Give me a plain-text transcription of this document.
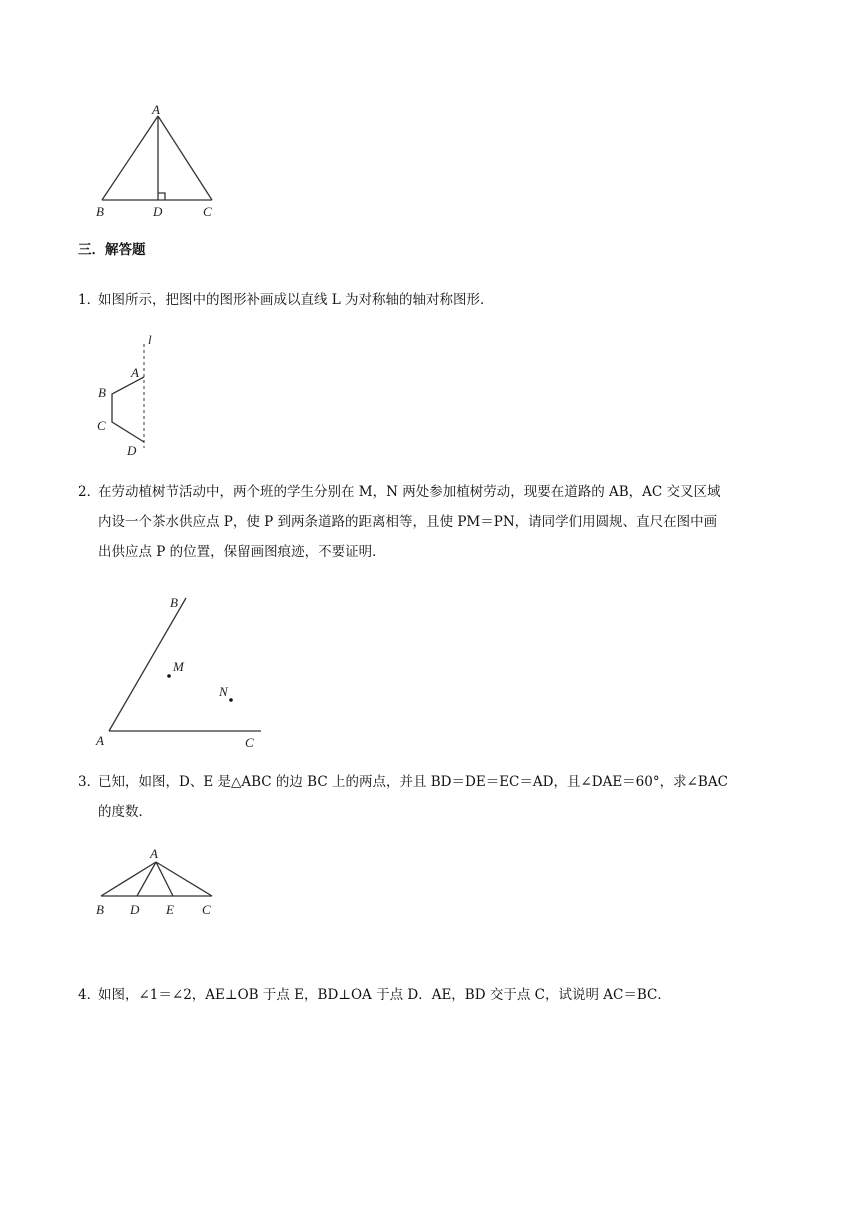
A
B	D	C
三．解答题
1．如图所示，把图中的图形补画成以直线 L 为对称轴的轴对称图形．
l
A
B
C
D
2．在劳动植树节活动中，两个班的学生分别在 M，N 两处参加植树劳动，现要在道路的 AB，AC 交叉区域
内设一个茶水供应点 P，使 P 到两条道路的距离相等，且使 PM＝PN，请同学们用圆规、直尺在图中画
出供应点 P 的位置，保留画图痕迹，不要证明．
B
M
N
A	C
3．已知，如图，D、E 是△ABC 的边 BC 上的两点，并且 BD＝DE＝EC＝AD，且∠DAE＝60°，求∠BAC
的度数．
A
B D E C
4．如图，∠1＝∠2，AE⊥OB 于点 E，BD⊥OA 于点 D．AE，BD 交于点 C，试说明 AC＝BC．
